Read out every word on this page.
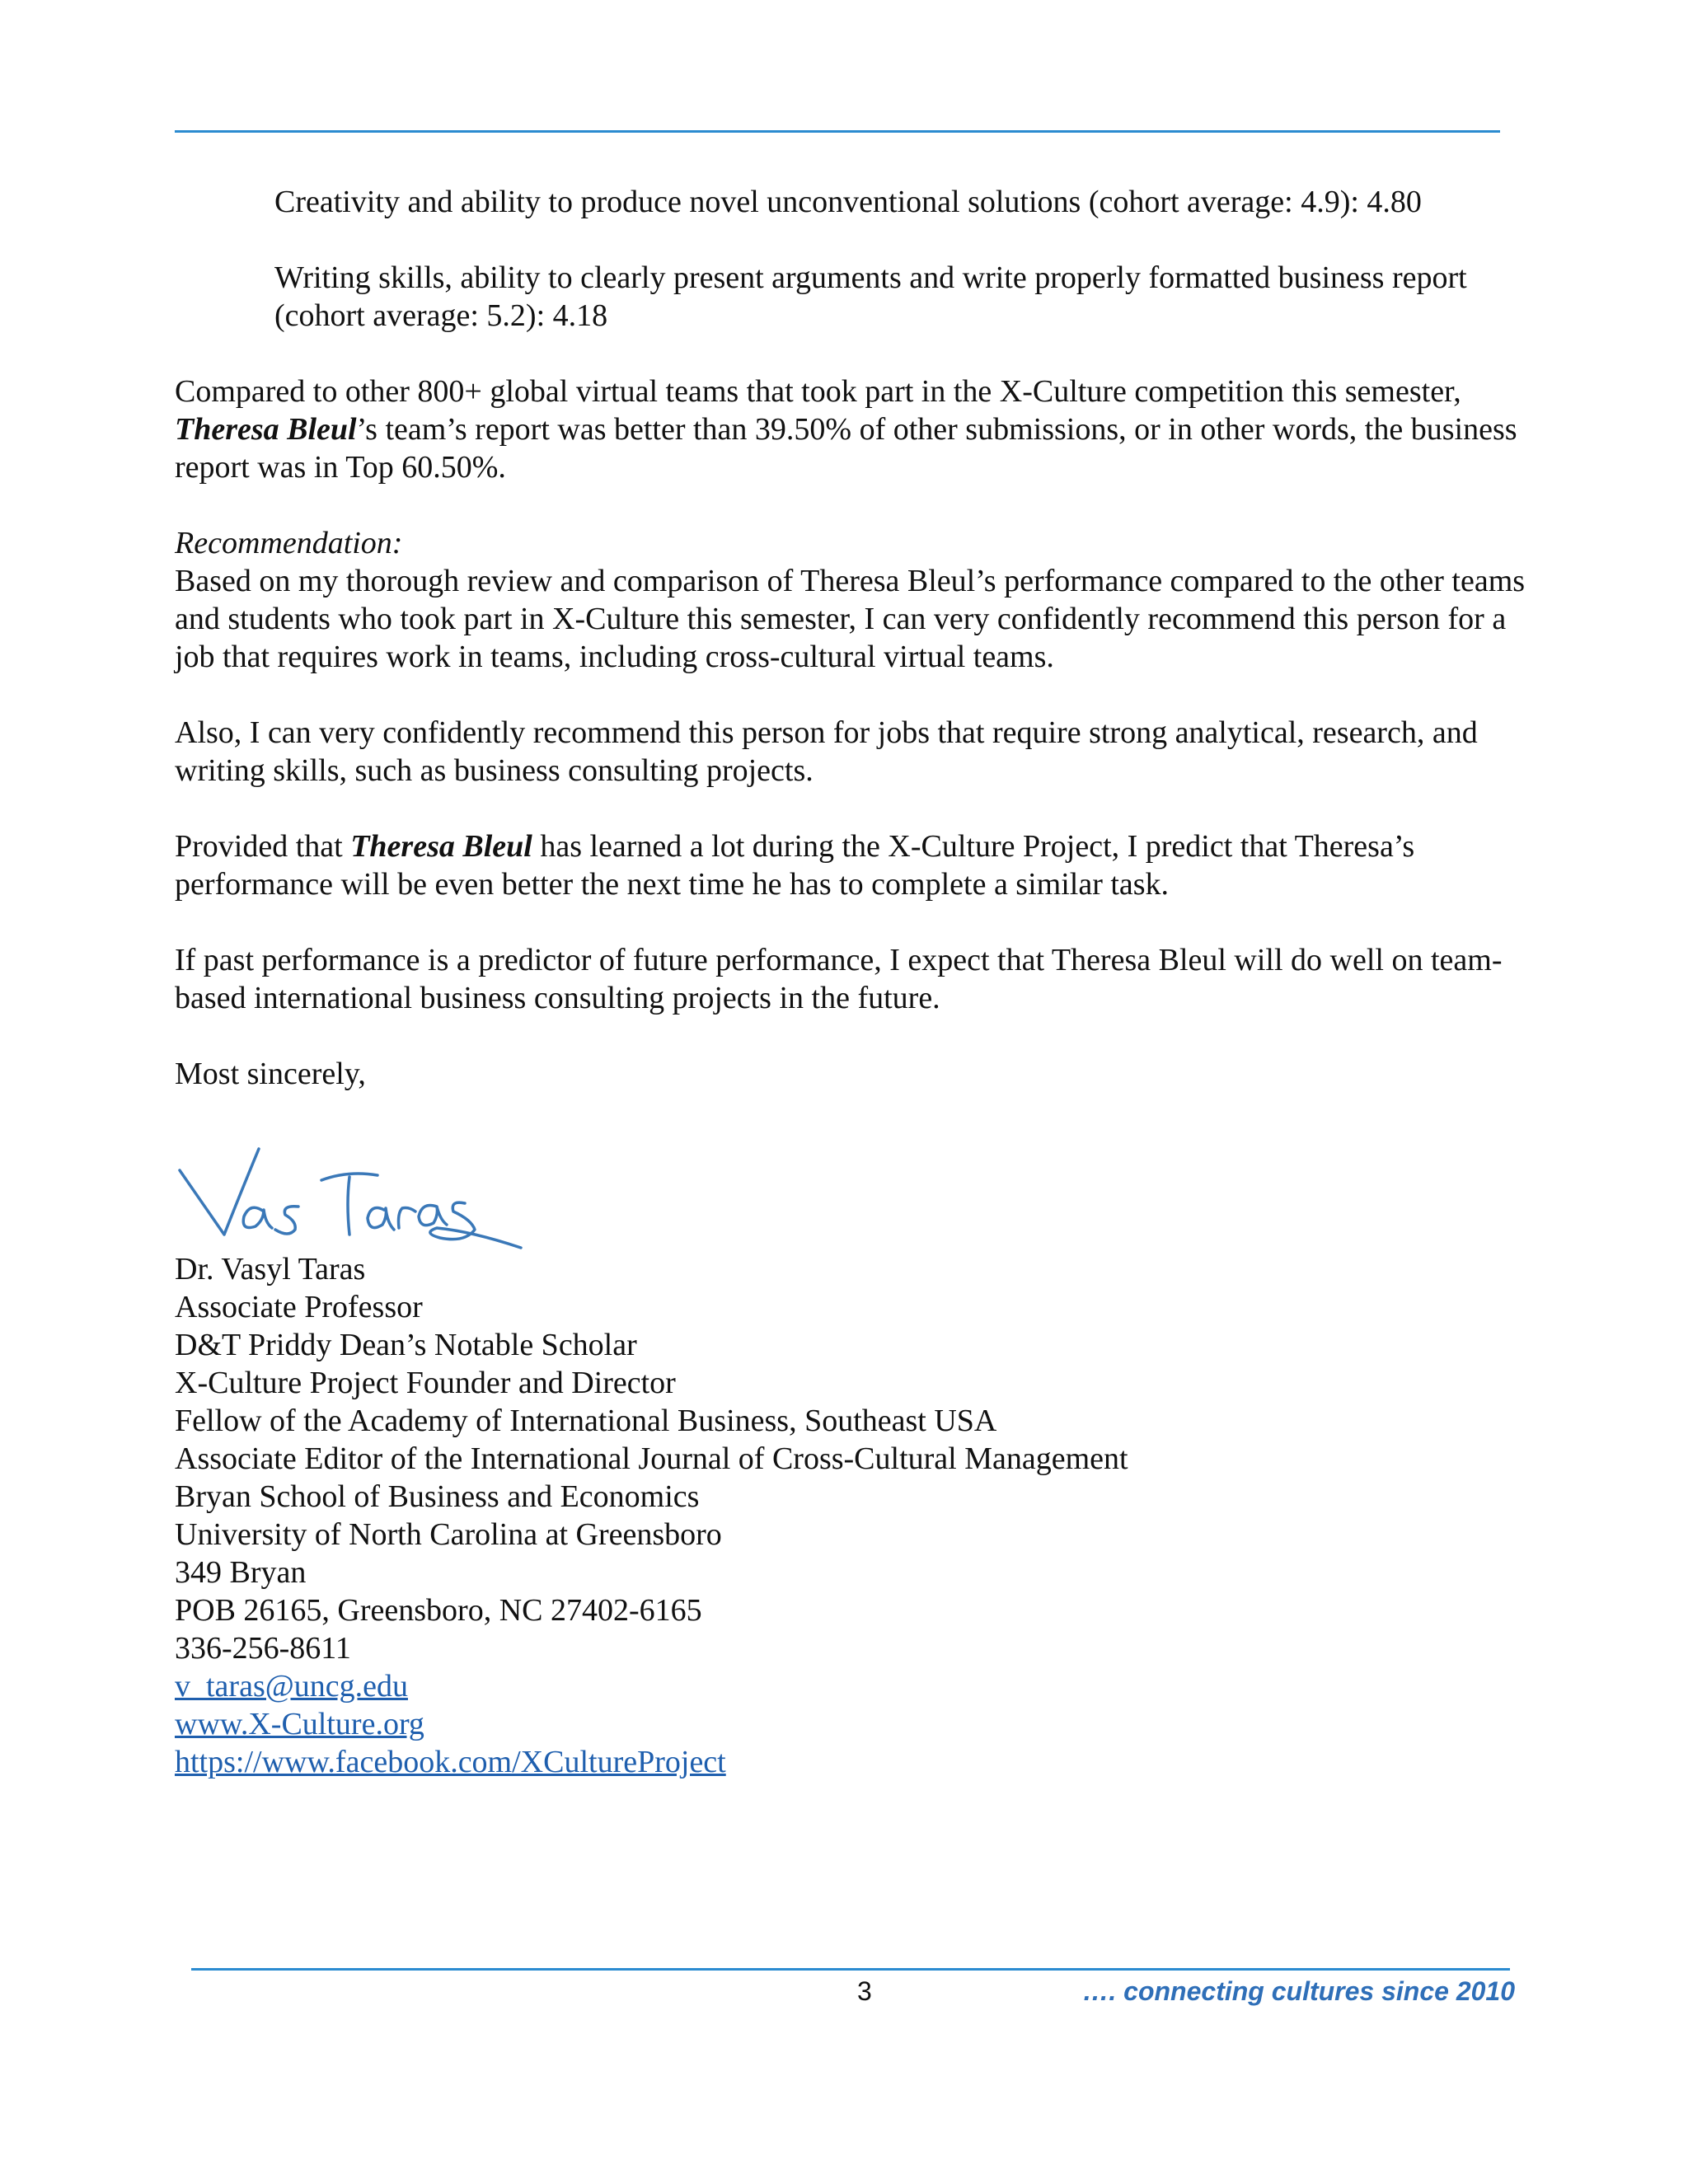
Creativity and ability to produce novel unconventional solutions (cohort average: 4.9): 4.80

Writing skills, ability to clearly present arguments and write properly formatted business report (cohort average: 5.2): 4.18

Compared to other 800+ global virtual teams that took part in the X-Culture competition this semester, Theresa Bleul’s team’s report was better than 39.50% of other submissions, or in other words, the business report was in Top 60.50%.

Recommendation:
Based on my thorough review and comparison of Theresa Bleul’s performance compared to the other teams and students who took part in X-Culture this semester, I can very confidently recommend this person for a job that requires work in teams, including cross-cultural virtual teams.

Also, I can very confidently recommend this person for jobs that require strong analytical, research, and writing skills, such as business consulting projects.

Provided that Theresa Bleul has learned a lot during the X-Culture Project, I predict that Theresa’s performance will be even better the next time he has to complete a similar task.

If past performance is a predictor of future performance, I expect that Theresa Bleul will do well on team-based international business consulting projects in the future.

Most sincerely,

Dr. Vasyl Taras
Associate Professor
D&T Priddy Dean’s Notable Scholar
X-Culture Project Founder and Director
Fellow of the Academy of International Business, Southeast USA
Associate Editor of the International Journal of Cross-Cultural Management
Bryan School of Business and Economics
University of North Carolina at Greensboro
349 Bryan
POB 26165, Greensboro, NC 27402-6165
336-256-8611
v_taras@uncg.edu
www.X-Culture.org
https://www.facebook.com/XCultureProject
3	…. connecting cultures since 2010
